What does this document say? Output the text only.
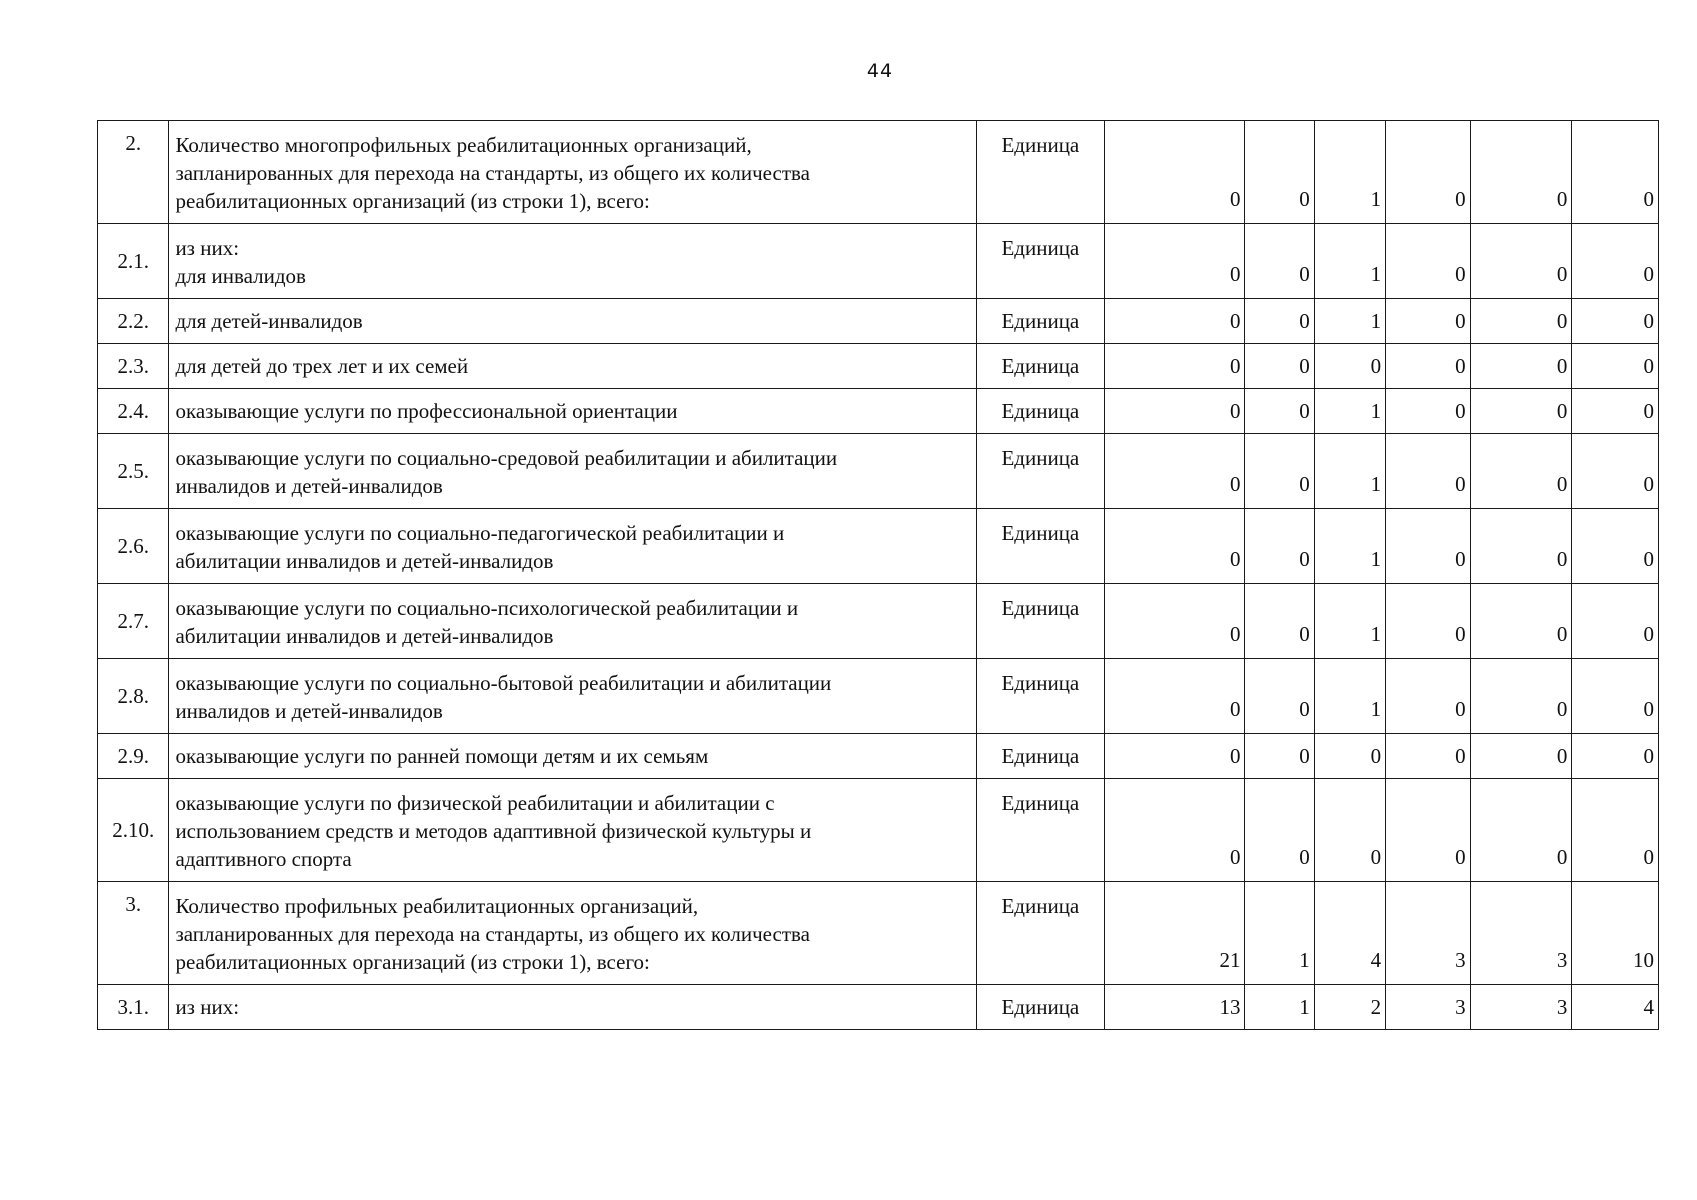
44
2.	Количество многопрофильных реабилитационных организаций,
запланированных для перехода на стандарты, из общего их количества
реабилитационных организаций (из строки 1), всего:	Единица	0	0	1	0	0	0
2.1.	из них:
для инвалидов	Единица	0	0	1	0	0	0
2.2.	для детей-инвалидов	Единица	0	0	1	0	0	0
2.3.	для детей до трех лет и их семей	Единица	0	0	0	0	0	0
2.4.	оказывающие услуги по профессиональной ориентации	Единица	0	0	1	0	0	0
2.5.	оказывающие услуги по социально-средовой реабилитации и абилитации
инвалидов и детей-инвалидов	Единица	0	0	1	0	0	0
2.6.	оказывающие услуги по социально-педагогической реабилитации и
абилитации инвалидов и детей-инвалидов	Единица	0	0	1	0	0	0
2.7.	оказывающие услуги по социально-психологической реабилитации и
абилитации инвалидов и детей-инвалидов	Единица	0	0	1	0	0	0
2.8.	оказывающие услуги по социально-бытовой реабилитации и абилитации
инвалидов и детей-инвалидов	Единица	0	0	1	0	0	0
2.9.	оказывающие услуги по ранней помощи детям и их семьям	Единица	0	0	0	0	0	0
2.10.	оказывающие услуги по физической реабилитации и абилитации с
использованием средств и методов адаптивной физической культуры и
адаптивного спорта	Единица	0	0	0	0	0	0
3.	Количество профильных реабилитационных организаций,
запланированных для перехода на стандарты, из общего их количества
реабилитационных организаций (из строки 1), всего:	Единица	21	1	4	3	3	10
3.1.	из них:	Единица	13	1	2	3	3	4
